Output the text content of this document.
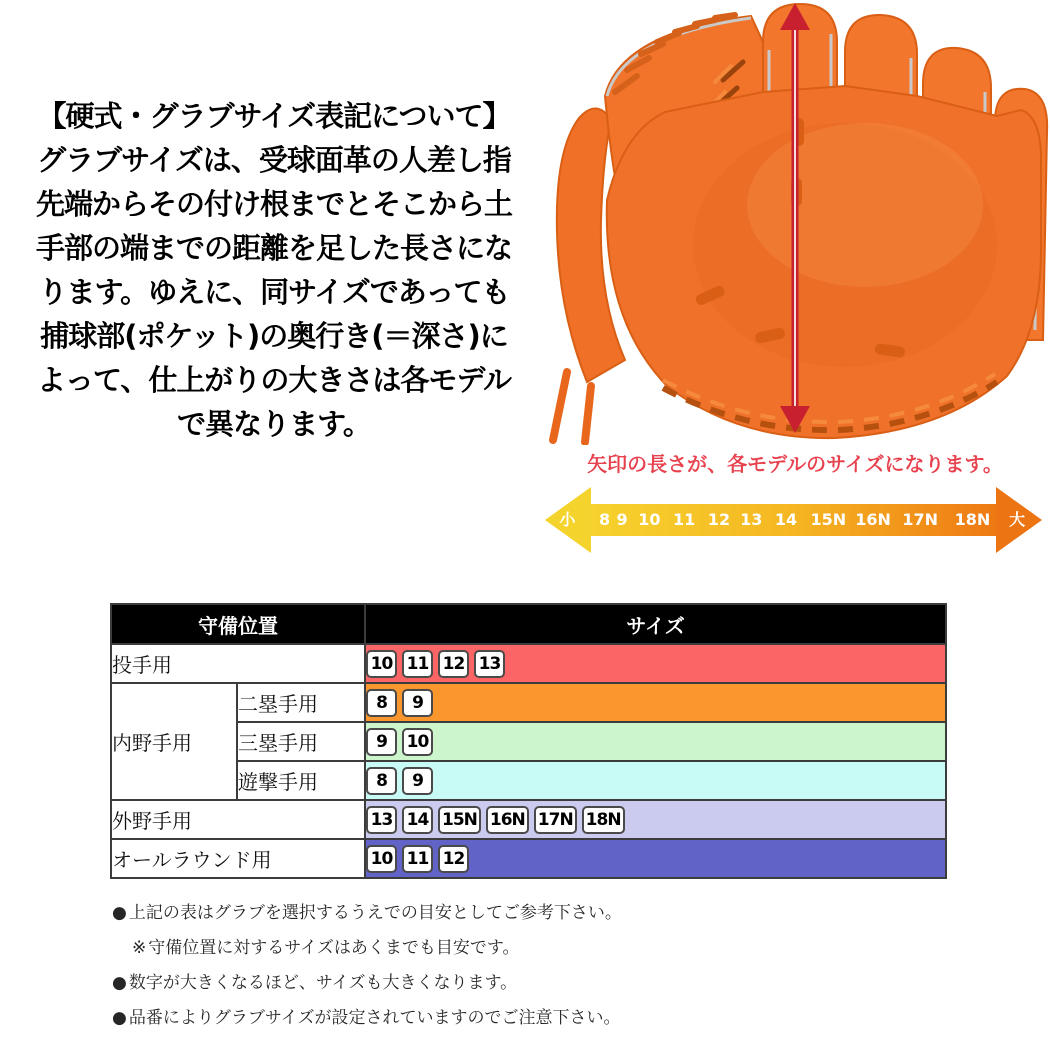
【硬式・グラブサイズ表記について】
グラブサイズは、受球面革の人差し指
先端からその付け根までとそこから土
手部の端までの距離を足した長さにな
ります。ゆえに、同サイズであっても
捕球部(ポケット)の奥行き(＝深さ)に
よって、仕上がりの大きさは各モデル
で異なります。
矢印の長さが、各モデルのサイズになります。
小 8 9 10 11 12 13 14 15N 16N 17N 18N 大
守備位置		サイズ
投手用		10 11 12 13
内野手用	二塁手用	8 9
	三塁手用	9 10
	遊撃手用	8 9
外野手用		13 14 15N 16N 17N 18N
オールラウンド用		10 11 12
● 上記の表はグラブを選択するうえでの目安としてご参考下さい。
※ 守備位置に対するサイズはあくまでも目安です。
● 数字が大きくなるほど、サイズも大きくなります。
● 品番によりグラブサイズが設定されていますのでご注意下さい。
